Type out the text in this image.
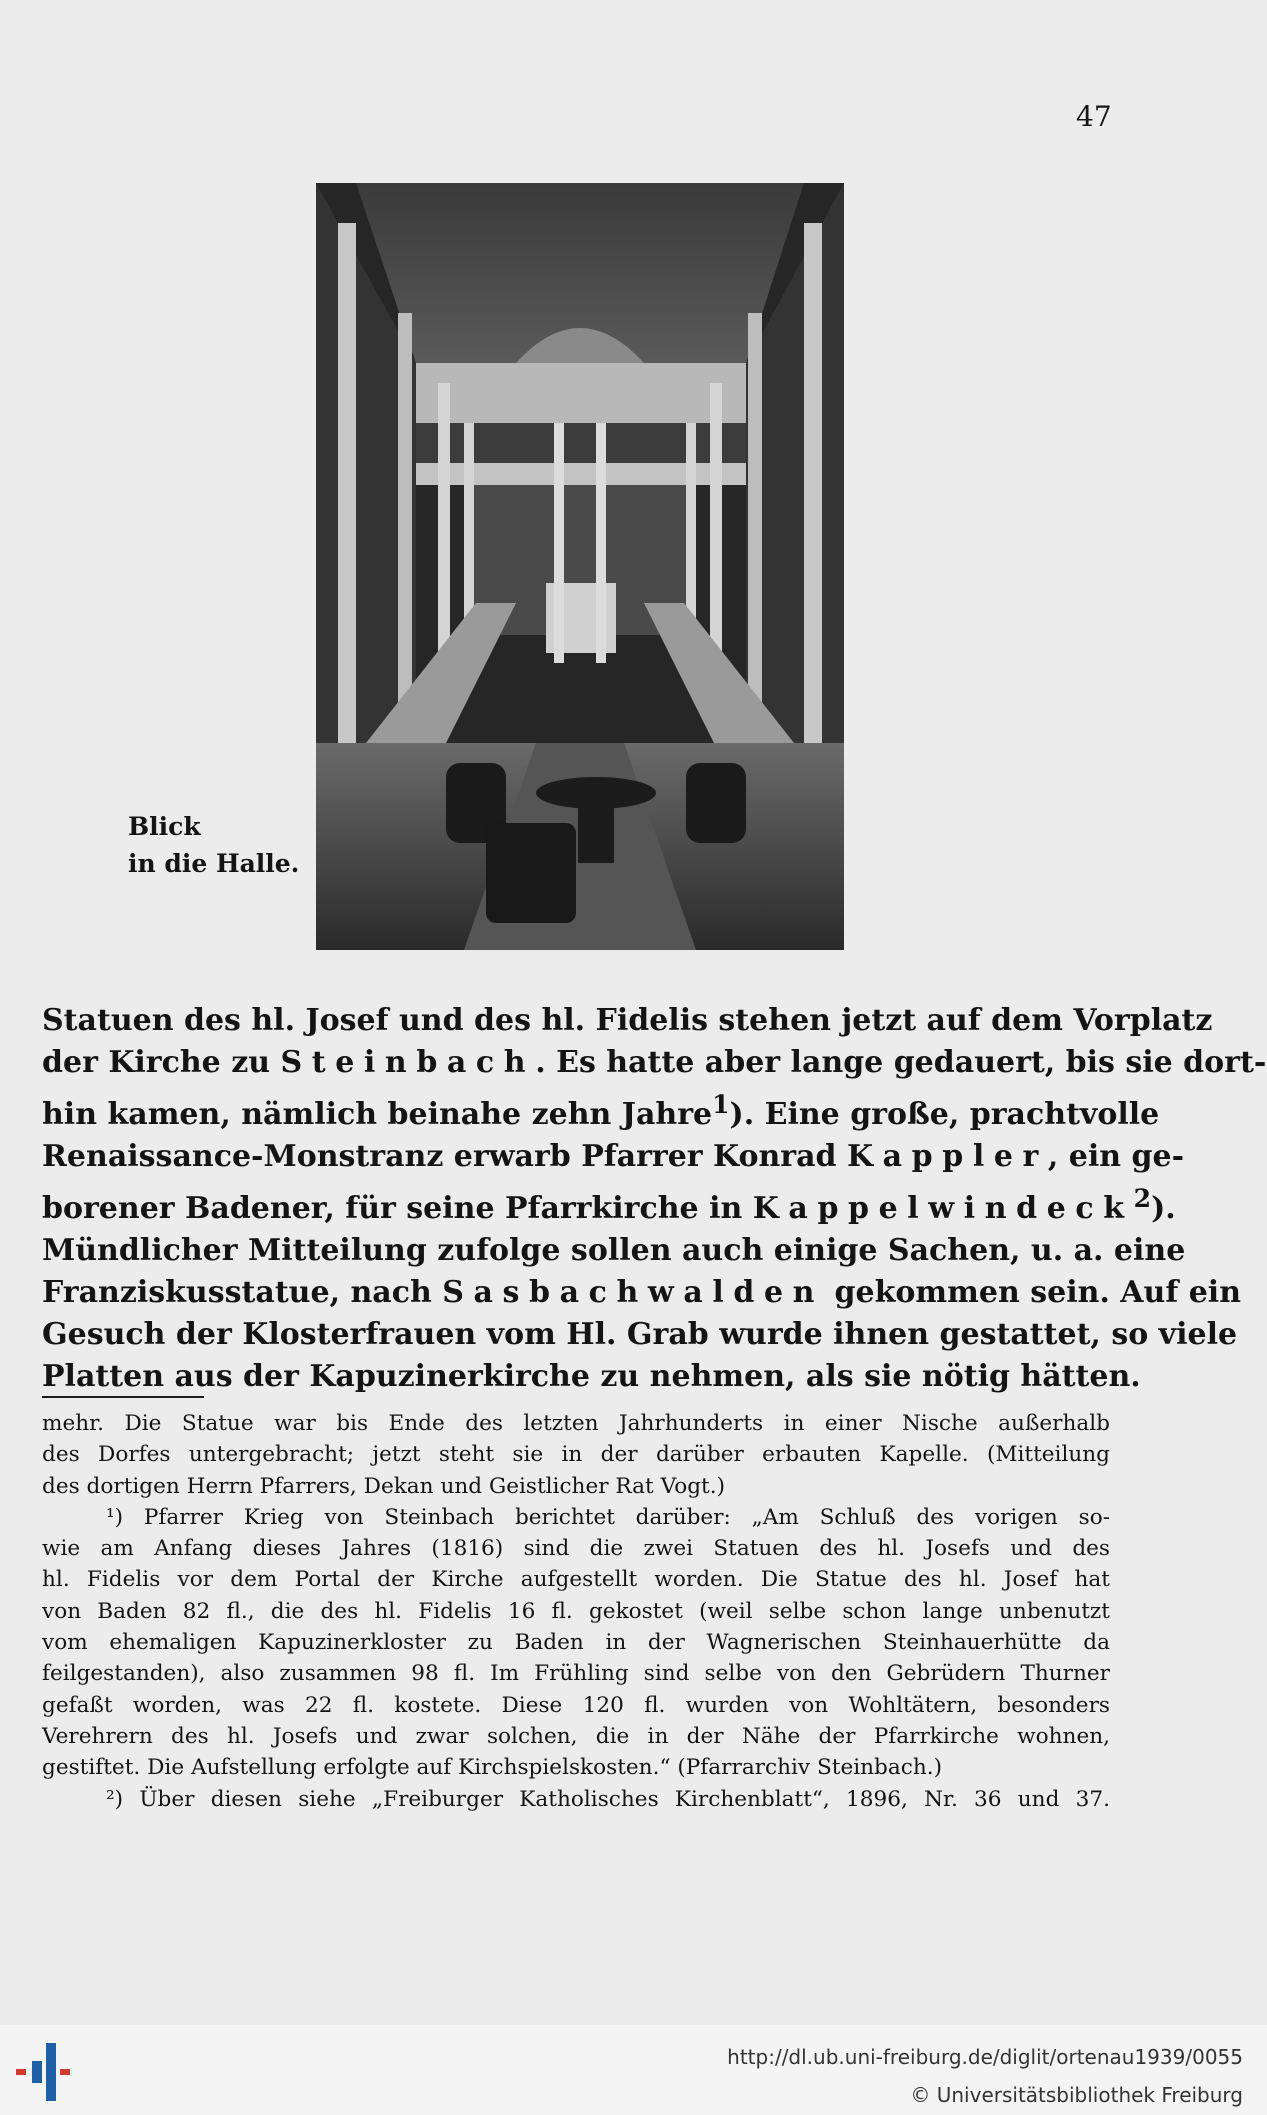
47
Blick
in die Halle.
Statuen des hl. Josef und des hl. Fidelis stehen jetzt auf dem Vorplatz
der Kirche zu Steinbach. Es hatte aber lange gedauert, bis sie dort-
hin kamen, nämlich beinahe zehn Jahre$^1$). Eine große, prachtvolle
Renaissance-Monstranz erwarb Pfarrer Konrad Kappler, ein ge-
borener Badener, für seine Pfarrkirche in Kappelwindeck$^2$).
Mündlicher Mitteilung zufolge sollen auch einige Sachen, u. a. eine
Franziskusstatue, nach Sasbachwalden gekommen sein. Auf ein
Gesuch der Klosterfrauen vom Hl. Grab wurde ihnen gestattet, so viele
Platten aus der Kapuzinerkirche zu nehmen, als sie nötig hätten.
mehr. Die Statue war bis Ende des letzten Jahrhunderts in einer Nische außerhalb
des Dorfes untergebracht; jetzt steht sie in der darüber erbauten Kapelle. (Mitteilung
des dortigen Herrn Pfarrers, Dekan und Geistlicher Rat Vogt.)
¹) Pfarrer Krieg von Steinbach berichtet darüber: „Am Schluß des vorigen so-
wie am Anfang dieses Jahres (1816) sind die zwei Statuen des hl. Josefs und des
hl. Fidelis vor dem Portal der Kirche aufgestellt worden. Die Statue des hl. Josef hat
von Baden 82 fl., die des hl. Fidelis 16 fl. gekostet (weil selbe schon lange unbenutzt
vom ehemaligen Kapuzinerkloster zu Baden in der Wagnerischen Steinhauerhütte da
feilgestanden), also zusammen 98 fl. Im Frühling sind selbe von den Gebrüdern Thurner
gefaßt worden, was 22 fl. kostete. Diese 120 fl. wurden von Wohltätern, besonders
Verehrern des hl. Josefs und zwar solchen, die in der Nähe der Pfarrkirche wohnen,
gestiftet. Die Aufstellung erfolgte auf Kirchspielskosten.“ (Pfarrarchiv Steinbach.)
²) Über diesen siehe „Freiburger Katholisches Kirchenblatt“, 1896, Nr. 36 und 37.
http://dl.ub.uni-freiburg.de/diglit/ortenau1939/0055
© Universitätsbibliothek Freiburg
